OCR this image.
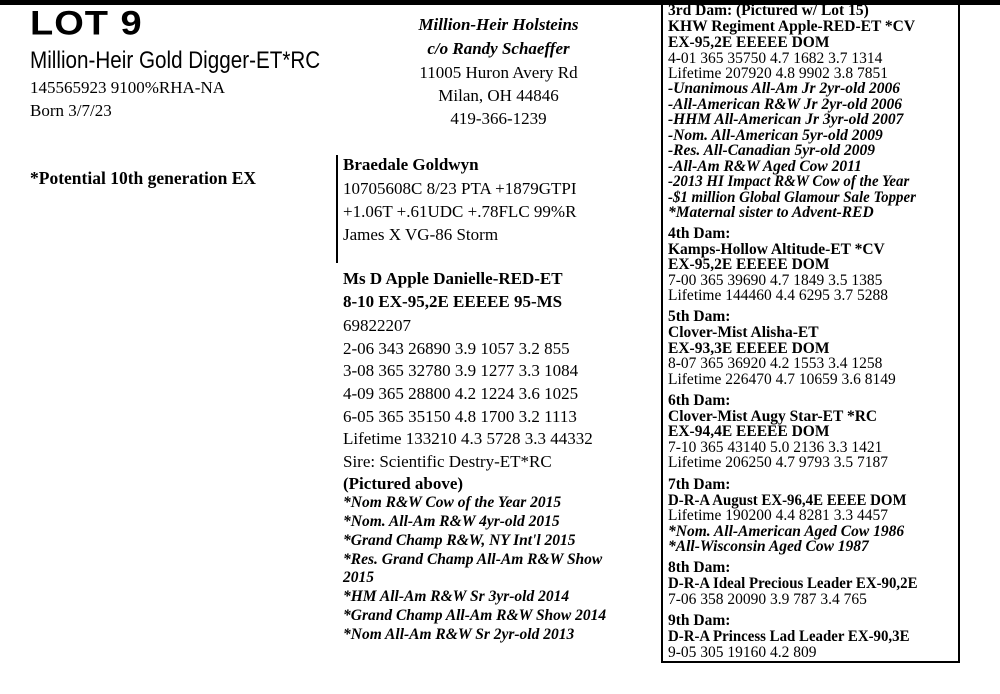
LOT 9
Million-Heir Gold Digger-ET*RC
145565923 9100%RHA-NA
Born 3/7/23
*Potential 10th generation EX
Million-Heir Holsteins
c/o Randy Schaeffer
11005 Huron Avery Rd
Milan, OH 44846
419-366-1239
Braedale Goldwyn
10705608C 8/23 PTA +1879GTPI
+1.06T +.61UDC +.78FLC 99%R
James X VG-86 Storm
Ms D Apple Danielle-RED-ET
8-10 EX-95,2E EEEEE 95-MS
69822207
2-06 343 26890 3.9 1057 3.2 855
3-08 365 32780 3.9 1277 3.3 1084
4-09 365 28800 4.2 1224 3.6 1025
6-05 365 35150 4.8 1700 3.2 1113
Lifetime 133210 4.3 5728 3.3 44332
Sire: Scientific Destry-ET*RC
(Pictured above)
*Nom R&W Cow of the Year 2015
*Nom. All-Am R&W 4yr-old 2015
*Grand Champ R&W, NY Int'l 2015
*Res. Grand Champ All-Am R&W Show
2015
*HM All-Am R&W Sr 3yr-old 2014
*Grand Champ All-Am R&W Show 2014
*Nom All-Am R&W Sr 2yr-old 2013
3rd Dam: (Pictured w/ Lot 15)
KHW Regiment Apple-RED-ET *CV
EX-95,2E EEEEE DOM
4-01 365 35750 4.7 1682 3.7 1314
Lifetime 207920 4.8 9902 3.8 7851
-Unanimous All-Am Jr 2yr-old 2006
-All-American R&W Jr 2yr-old 2006
-HHM All-American Jr 3yr-old 2007
-Nom. All-American 5yr-old 2009
-Res. All-Canadian 5yr-old 2009
-All-Am R&W Aged Cow 2011
-2013 HI Impact R&W Cow of the Year
-$1 million Global Glamour Sale Topper
*Maternal sister to Advent-RED
4th Dam:
Kamps-Hollow Altitude-ET *CV
EX-95,2E EEEEE DOM
7-00 365 39690 4.7 1849 3.5 1385
Lifetime 144460 4.4 6295 3.7 5288
5th Dam:
Clover-Mist Alisha-ET
EX-93,3E EEEEE DOM
8-07 365 36920 4.2 1553 3.4 1258
Lifetime 226470 4.7 10659 3.6 8149
6th Dam:
Clover-Mist Augy Star-ET *RC
EX-94,4E EEEEE DOM
7-10 365 43140 5.0 2136 3.3 1421
Lifetime 206250 4.7 9793 3.5 7187
7th Dam:
D-R-A August EX-96,4E EEEE DOM
Lifetime 190200 4.4 8281 3.3 4457
*Nom. All-American Aged Cow 1986
*All-Wisconsin Aged Cow 1987
8th Dam:
D-R-A Ideal Precious Leader EX-90,2E
7-06 358 20090 3.9 787 3.4 765
9th Dam:
D-R-A Princess Lad Leader EX-90,3E
9-05 305 19160 4.2 809
